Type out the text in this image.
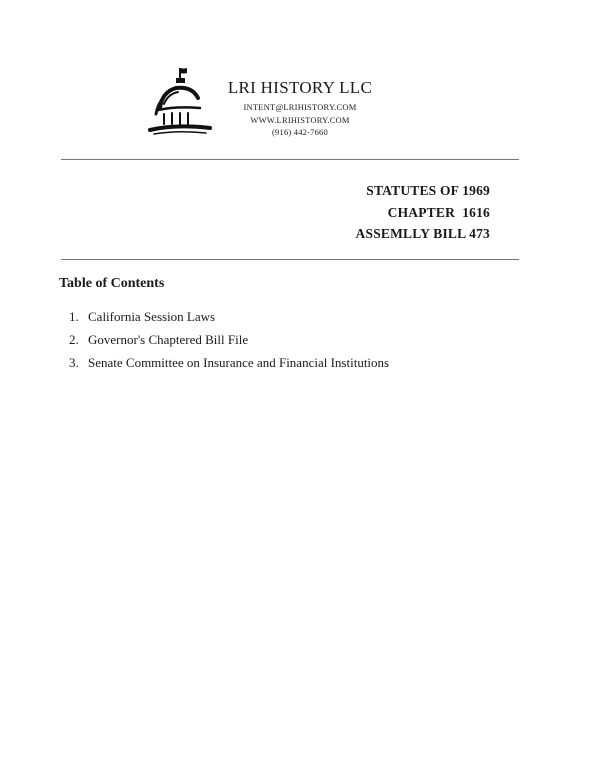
LRI HISTORY LLC
INTENT@LRIHISTORY.COM
WWW.LRIHISTORY.COM
(916) 442-7660
STATUTES OF 1969
CHAPTER  1616
ASSEMLLY BILL 473
Table of Contents
1. California Session Laws
2. Governor's Chaptered Bill File
3. Senate Committee on Insurance and Financial Institutions
